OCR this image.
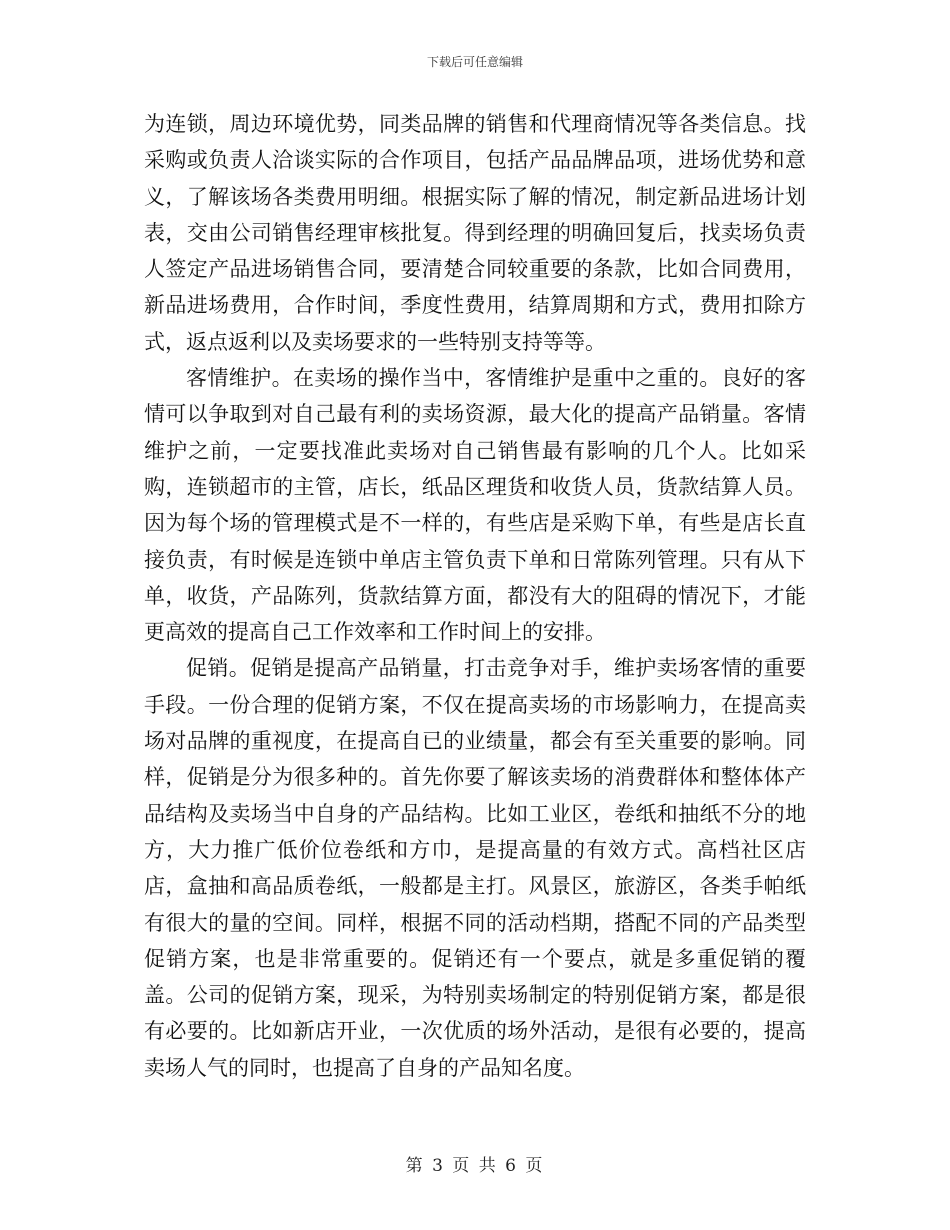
下载后可任意编辑

为连锁，周边环境优势，同类品牌的销售和代理商情况等各类信息。找采购或负责人洽谈实际的合作项目，包括产品品牌品项，进场优势和意义，了解该场各类费用明细。根据实际了解的情况，制定新品进场计划表，交由公司销售经理审核批复。得到经理的明确回复后，找卖场负责人签定产品进场销售合同，要清楚合同较重要的条款，比如合同费用，新品进场费用，合作时间，季度性费用，结算周期和方式，费用扣除方式，返点返利以及卖场要求的一些特别支持等等。

客情维护。在卖场的操作当中，客情维护是重中之重的。良好的客情可以争取到对自己最有利的卖场资源，最大化的提高产品销量。客情维护之前，一定要找准此卖场对自己销售最有影响的几个人。比如采购，连锁超市的主管，店长，纸品区理货和收货人员，货款结算人员。因为每个场的管理模式是不一样的，有些店是采购下单，有些是店长直接负责，有时候是连锁中单店主管负责下单和日常陈列管理。只有从下单，收货，产品陈列，货款结算方面，都没有大的阻碍的情况下，才能更高效的提高自己工作效率和工作时间上的安排。

促销。促销是提高产品销量，打击竞争对手，维护卖场客情的重要手段。一份合理的促销方案，不仅在提高卖场的市场影响力，在提高卖场对品牌的重视度，在提高自已的业绩量，都会有至关重要的影响。同样，促销是分为很多种的。首先你要了解该卖场的消费群体和整体体产品结构及卖场当中自身的产品结构。比如工业区，卷纸和抽纸不分的地方，大力推广低价位卷纸和方巾，是提高量的有效方式。高档社区店店，盒抽和高品质卷纸，一般都是主打。风景区，旅游区，各类手帕纸有很大的量的空间。同样，根据不同的活动档期，搭配不同的产品类型促销方案，也是非常重要的。促销还有一个要点，就是多重促销的覆盖。公司的促销方案，现采，为特别卖场制定的特别促销方案，都是很有必要的。比如新店开业，一次优质的场外活动，是很有必要的，提高卖场人气的同时，也提高了自身的产品知名度。

第 3 页 共 6 页
